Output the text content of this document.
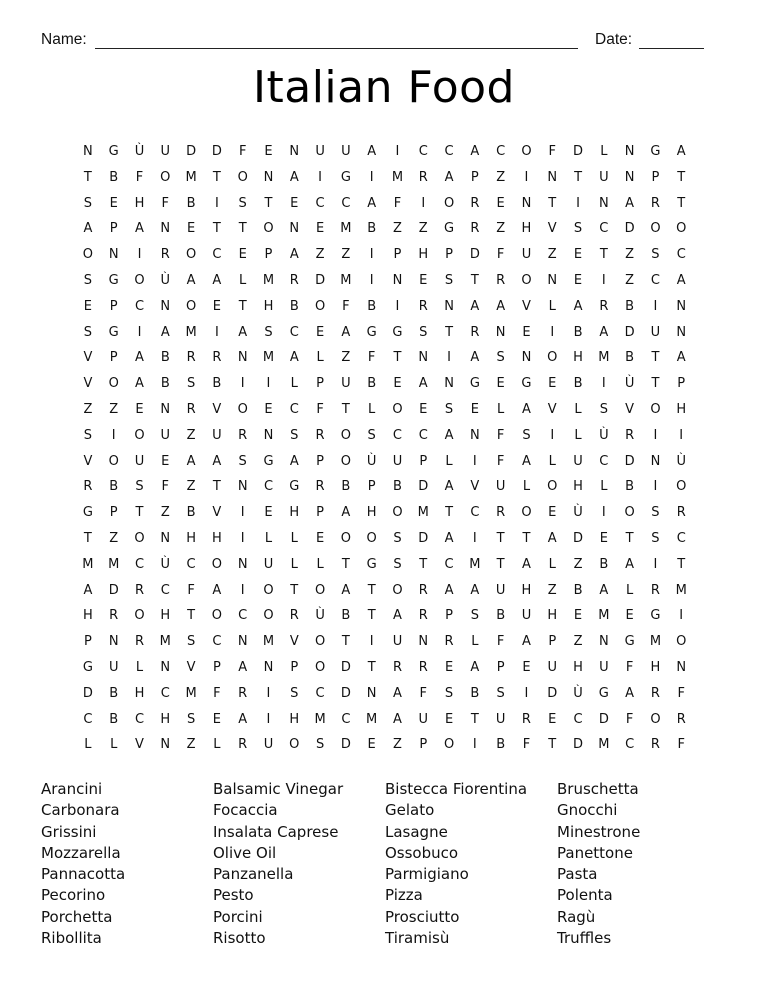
Name:	Date:
Italian Food
N	G	Ù	U	D	D	F	E	N	U	U	A	I	C	C	A	C	O	F	D	L	N	G	A
T	B	F	O	M	T	O	N	A	I	G	I	M	R	A	P	Z	I	N	T	U	N	P	T
S	E	H	F	B	I	S	T	E	C	C	A	F	I	O	R	E	N	T	I	N	A	R	T
A	P	A	N	E	T	T	O	N	E	M	B	Z	Z	G	R	Z	H	V	S	C	D	O	O
O	N	I	R	O	C	E	P	A	Z	Z	I	P	H	P	D	F	U	Z	E	T	Z	S	C
S	G	O	Ù	A	A	L	M	R	D	M	I	N	E	S	T	R	O	N	E	I	Z	C	A
E	P	C	N	O	E	T	H	B	O	F	B	I	R	N	A	A	V	L	A	R	B	I	N
S	G	I	A	M	I	A	S	C	E	A	G	G	S	T	R	N	E	I	B	A	D	U	N
V	P	A	B	R	R	N	M	A	L	Z	F	T	N	I	A	S	N	O	H	M	B	T	A
V	O	A	B	S	B	I	I	L	P	U	B	E	A	N	G	E	G	E	B	I	Ù	T	P
Z	Z	E	N	R	V	O	E	C	F	T	L	O	E	S	E	L	A	V	L	S	V	O	H
S	I	O	U	Z	U	R	N	S	R	O	S	C	C	A	N	F	S	I	L	Ù	R	I	I
V	O	U	E	A	A	S	G	A	P	O	Ù	U	P	L	I	F	A	L	U	C	D	N	Ù
R	B	S	F	Z	T	N	C	G	R	B	P	B	D	A	V	U	L	O	H	L	B	I	O
G	P	T	Z	B	V	I	E	H	P	A	H	O	M	T	C	R	O	E	Ù	I	O	S	R
T	Z	O	N	H	H	I	L	L	E	O	O	S	D	A	I	T	T	A	D	E	T	S	C
M	M	C	Ù	C	O	N	U	L	L	T	G	S	T	C	M	T	A	L	Z	B	A	I	T
A	D	R	C	F	A	I	O	T	O	A	T	O	R	A	A	U	H	Z	B	A	L	R	M
H	R	O	H	T	O	C	O	R	Ù	B	T	A	R	P	S	B	U	H	E	M	E	G	I
P	N	R	M	S	C	N	M	V	O	T	I	U	N	R	L	F	A	P	Z	N	G	M	O
G	U	L	N	V	P	A	N	P	O	D	T	R	R	E	A	P	E	U	H	U	F	H	N
D	B	H	C	M	F	R	I	S	C	D	N	A	F	S	B	S	I	D	Ù	G	A	R	F
C	B	C	H	S	E	A	I	H	M	C	M	A	U	E	T	U	R	E	C	D	F	O	R
L	L	V	N	Z	L	R	U	O	S	D	E	Z	P	O	I	B	F	T	D	M	C	R	F
Arancini	Balsamic Vinegar	Bistecca Fiorentina	Bruschetta
Carbonara	Focaccia	Gelato	Gnocchi
Grissini	Insalata Caprese	Lasagne	Minestrone
Mozzarella	Olive Oil	Ossobuco	Panettone
Pannacotta	Panzanella	Parmigiano	Pasta
Pecorino	Pesto	Pizza	Polenta
Porchetta	Porcini	Prosciutto	Ragù
Ribollita	Risotto	Tiramisù	Truffles
